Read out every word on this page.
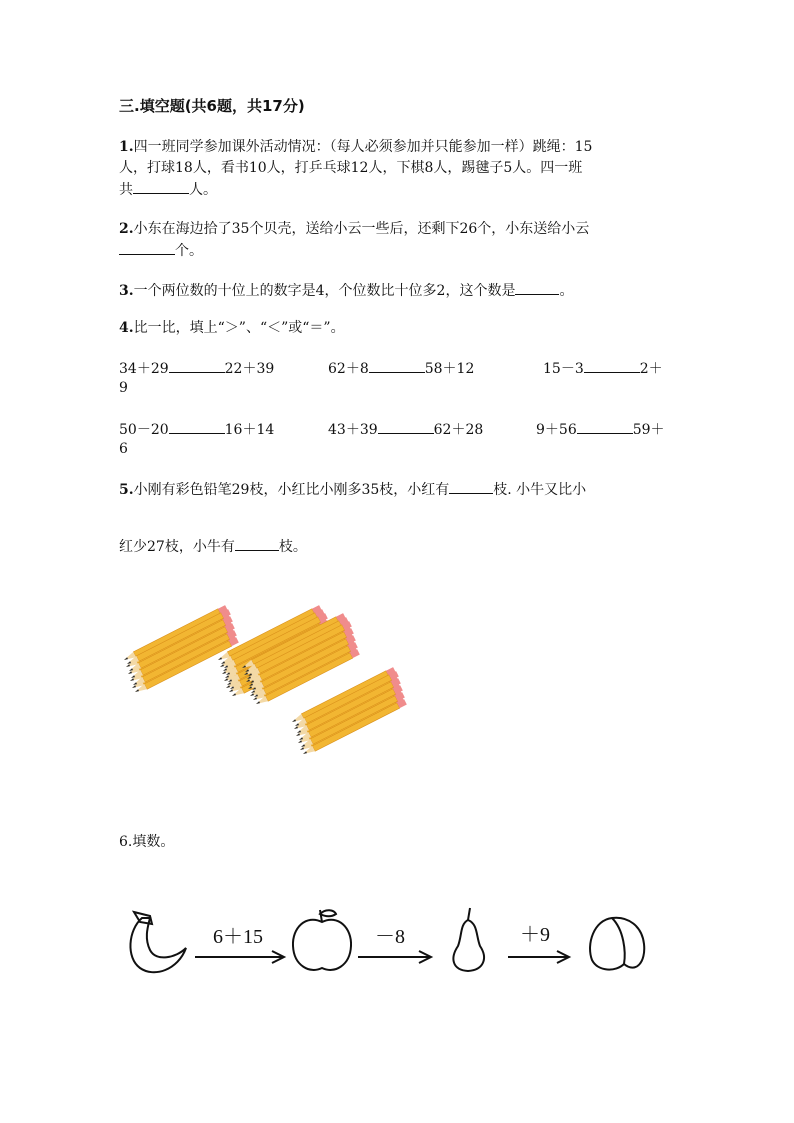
三.填空题(共6题，共17分)
1.四一班同学参加课外活动情况：（每人必须参加并只能参加一样）跳绳：15
人，打球18人，看书10人，打乒乓球12人，下棋8人，踢毽子5人。四一班
共	人。
2.小东在海边拾了35个贝壳，送给小云一些后，还剩下26个，小东送给小云
个。
3.一个两位数的十位上的数字是4，个位数比十位多2，这个数是	。
4.比一比，填上“＞”、“＜”或“＝”。
34＋29	22＋39	62＋8	58＋12	15－3	2＋
9
50－20	16＋14	43＋39	62＋28	9＋56	59＋
6
5.小刚有彩色铅笔29枝，小红比小刚多35枝，小红有	枝. 小牛又比小
红少27枝，小牛有	枝。
6.填数。
6＋15	－8	＋9
